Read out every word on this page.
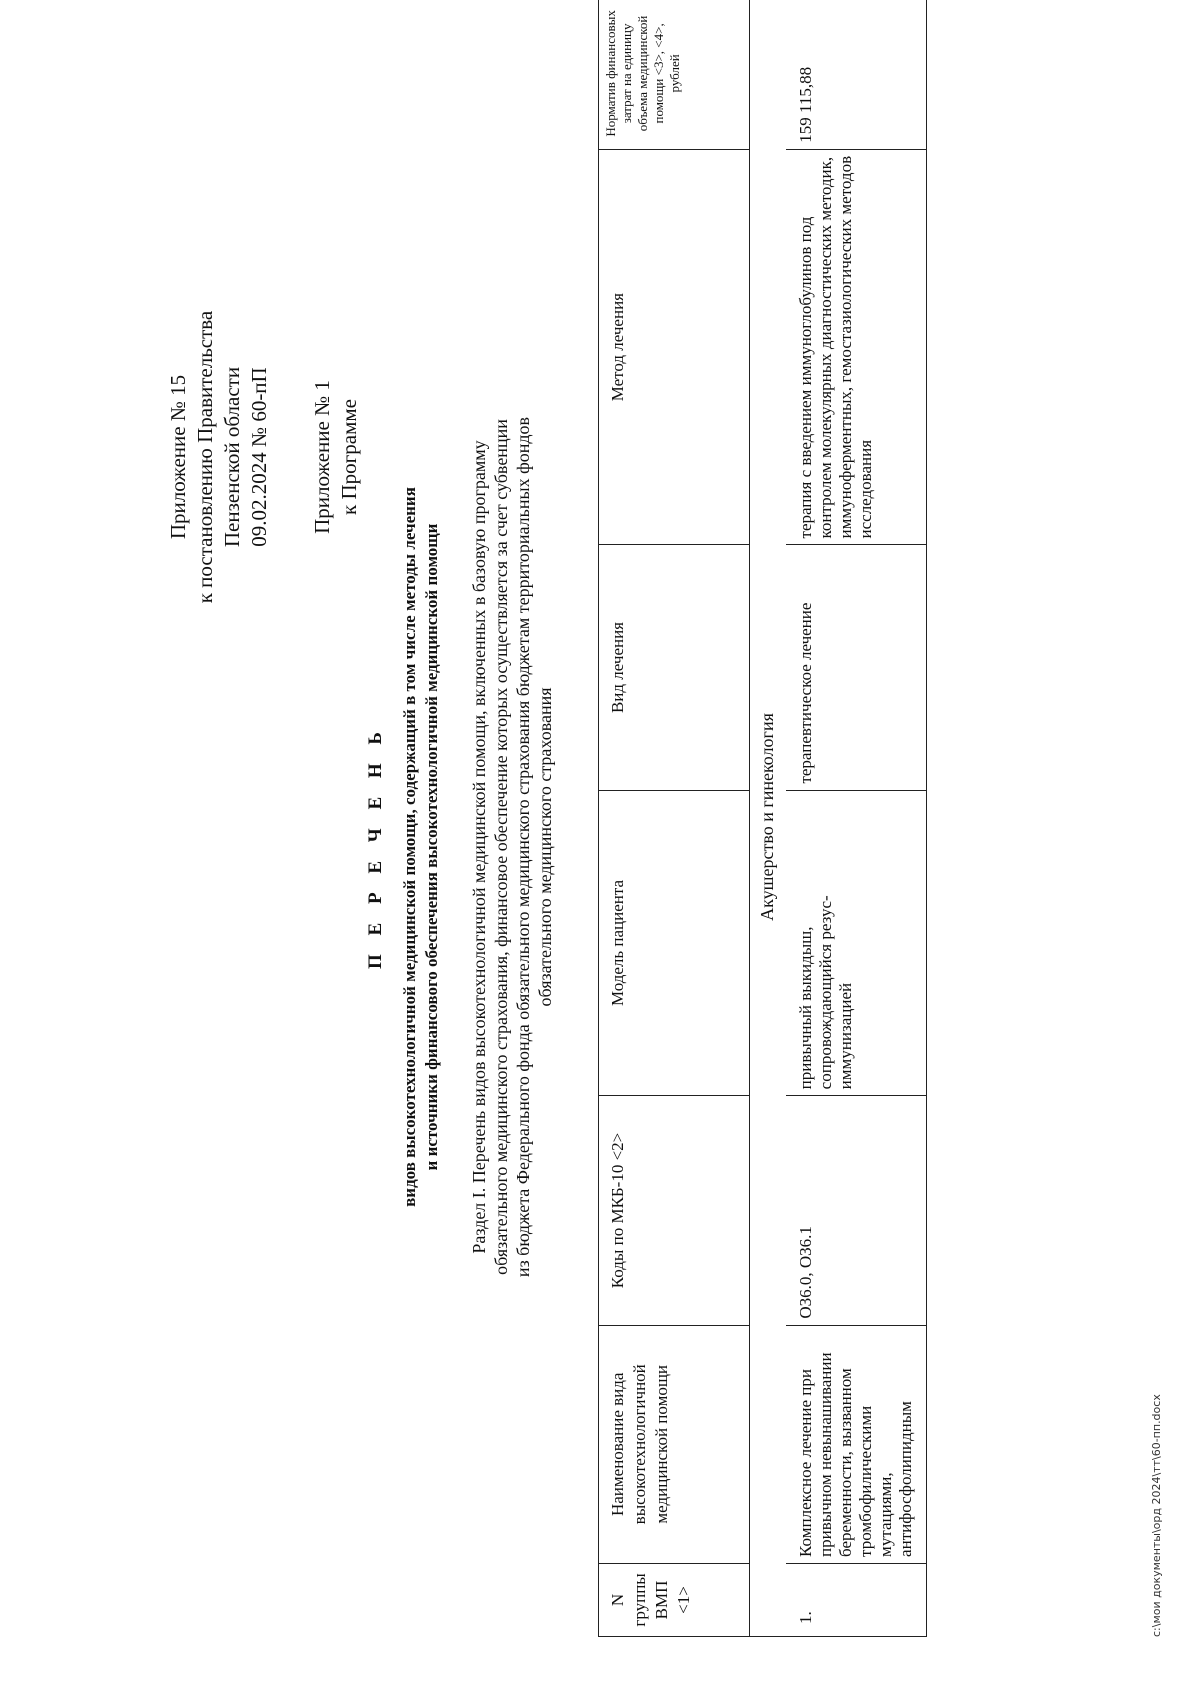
Приложение № 15 к постановлению Правительства Пензенской области 09.02.2024 № 60-пП Приложение № 1 к Программе
П Е Р Е Ч Е Н Ь видов высокотехнологичной медицинской помощи, содержащий в том числе методы лечения и источники финансового обеспечения высокотехнологичной медицинской помощи Раздел I. Перечень видов высокотехнологичной медицинской помощи, включенных в базовую программу обязательного медицинского страхования, финансовое обеспечение которых осуществляется за счет субвенции из бюджета Федерального фонда обязательного медицинского страхования бюджетам территориальных фондов обязательного медицинского страхования
N группы ВМП <1>	Наименование вида высокотехнологичной медицинской помощи	Коды по МКБ-10 <2>	Модель пациента	Вид лечения	Метод лечения	Норматив финансовых затрат на единицу объема медицинской помощи <3>, <4>, рублей
Акушерство и гинекология						
1.	Комплексное лечение при привычном невынашивании беременности, вызванном тромбофилическими мутациями, антифосфолипидным	O36.0, O36.1	привычный выкидыш, сопровождающийся резус-иммунизацией	терапевтическое лечение	терапия с введением иммуноглобулинов под контролем молекулярных диагностических методик, иммуноферментных, гемостазиологических методов исследования	159 115,88
c:\мои документы\орд 2024\тт\60-пп.docx
